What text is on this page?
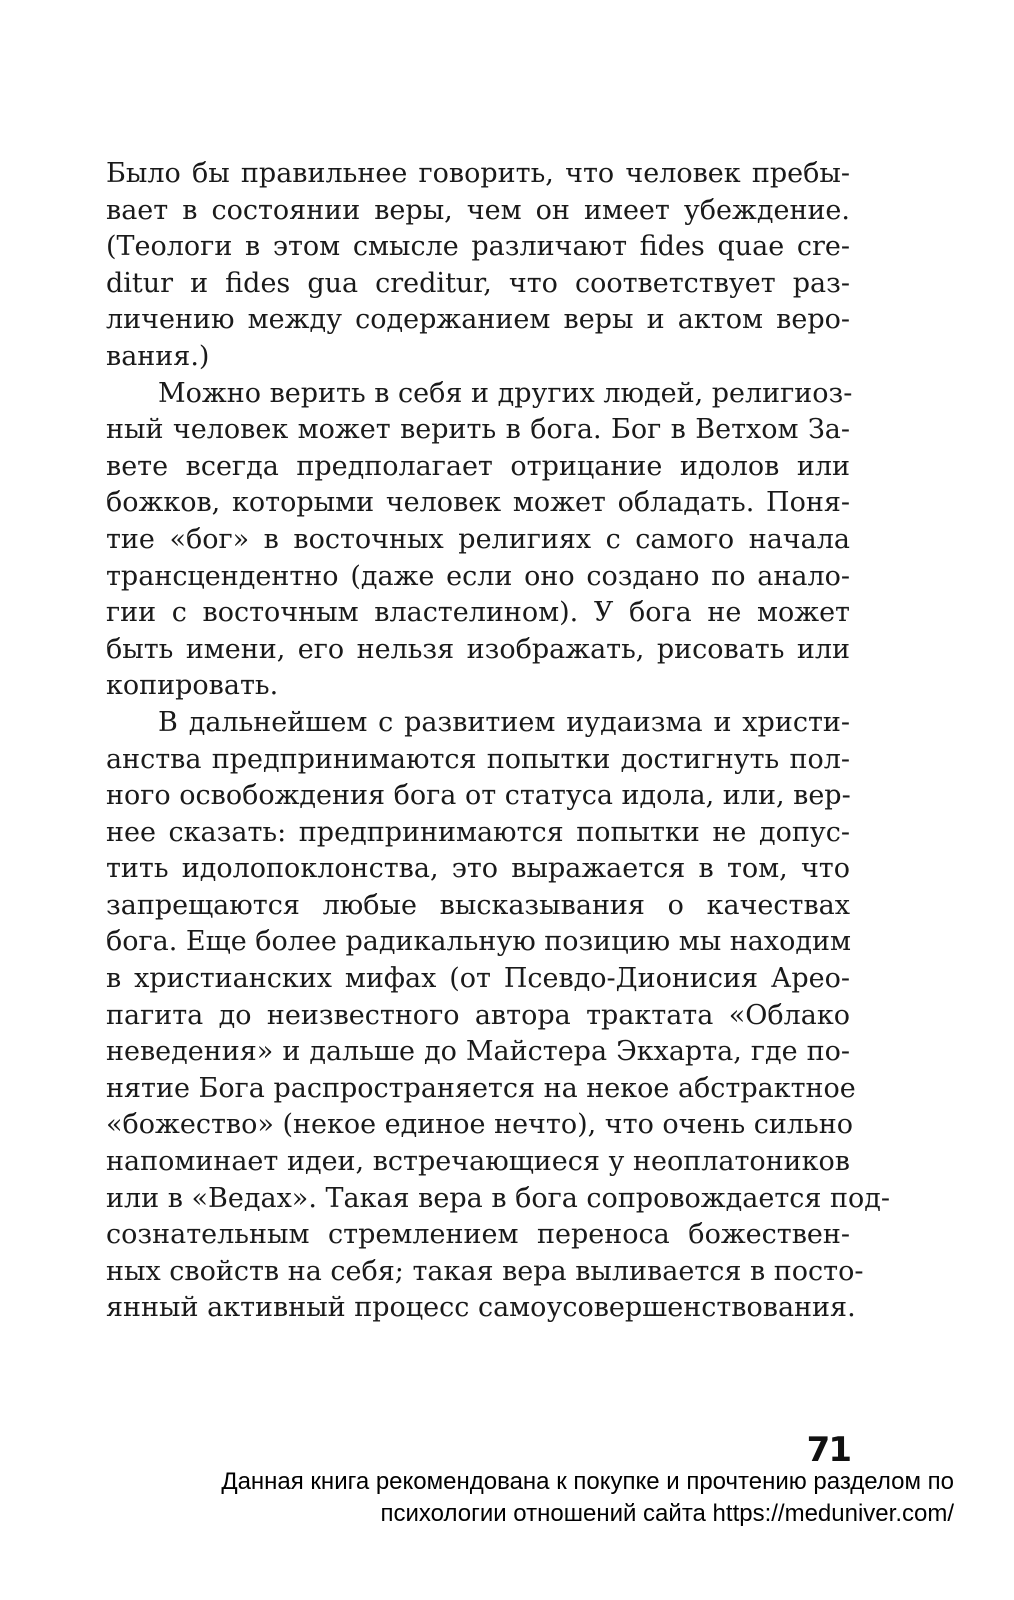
Было бы правильнее говорить, что человек пребы-
вает в состоянии веры, чем он имеет убеждение.
(Теологи в этом смысле различают fides quae cre-
ditur и fides gua creditur, что соответствует раз-
личению между содержанием веры и актом веро-
вания.)
Можно верить в себя и других людей, религиоз-
ный человек может верить в бога. Бог в Ветхом За-
вете всегда предполагает отрицание идолов или
божков, которыми человек может обладать. Поня-
тие «бог» в восточных религиях с самого начала
трансцендентно (даже если оно создано по анало-
гии с восточным властелином). У бога не может
быть имени, его нельзя изображать, рисовать или
копировать.
В дальнейшем с развитием иудаизма и христи-
анства предпринимаются попытки достигнуть пол-
ного освобождения бога от статуса идола, или, вер-
нее сказать: предпринимаются попытки не допус-
тить идолопоклонства, это выражается в том, что
запрещаются любые высказывания о качествах
бога. Еще более радикальную позицию мы находим
в христианских мифах (от Псевдо-Дионисия Арео-
пагита до неизвестного автора трактата «Облако
неведения» и дальше до Майстера Экхарта, где по-
нятие Бога распространяется на некое абстрактное
«божество» (некое единое нечто), что очень сильно
напоминает идеи, встречающиеся у неоплатоников
или в «Ведах». Такая вера в бога сопровождается под-
сознательным стремлением переноса божествен-
ных свойств на себя; такая вера выливается в посто-
янный активный процесс самоусовершенствования.
71
Данная книга рекомендована к покупке и прочтению разделом по
психологии отношений сайта https://meduniver.com/
